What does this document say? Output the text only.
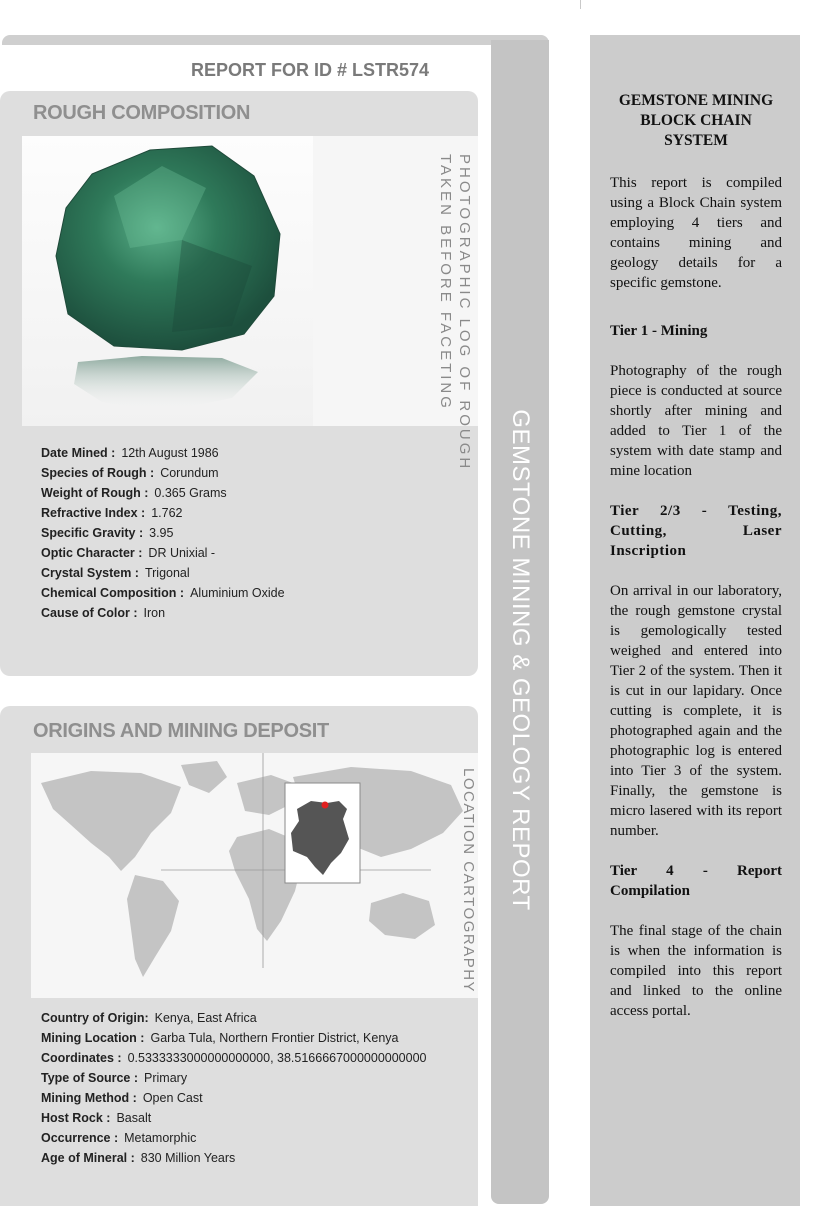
GEMSTONE MINING & GEOLOGY REPORT
REPORT FOR ID # LSTR574
ROUGH COMPOSITION
PHOTOGRAPHIC LOG OF ROUGH
TAKEN BEFORE FACETING
Date Mined : 12th August 1986
Species of Rough : Corundum
Weight of Rough : 0.365 Grams
Refractive Index : 1.762
Specific Gravity : 3.95
Optic Character : DR Unixial -
Crystal System : Trigonal
Chemical Composition : Aluminium Oxide
Cause of Color : Iron
ORIGINS AND MINING DEPOSIT
LOCATION CARTOGRAPHY
Country of Origin: Kenya, East Africa
Mining Location : Garba Tula, Northern Frontier District, Kenya
Coordinates : 0.5333333000000000000, 38.5166667000000000000
Type of Source : Primary
Mining Method : Open Cast
Host Rock : Basalt
Occurrence : Metamorphic
Age of Mineral : 830 Million Years
GEMSTONE MINING BLOCK CHAIN SYSTEM

This report is compiled using a Block Chain system employing 4 tiers and contains mining and geology details for a specific gemstone.

Tier 1 - Mining

Photography of the rough piece is conducted at source shortly after mining and added to Tier 1 of the system with date stamp and mine location

Tier 2/3 - Testing, Cutting, Laser Inscription

On arrival in our laboratory, the rough gemstone crystal is gemologically tested weighed and entered into Tier 2 of the system. Then it is cut in our lapidary. Once cutting is complete, it is photographed again and the photographic log is entered into Tier 3 of the system. Finally, the gemstone is micro lasered with its report number.

Tier 4 - Report Compilation

The final stage of the chain is when the information is compiled into this report and linked to the online access portal.
